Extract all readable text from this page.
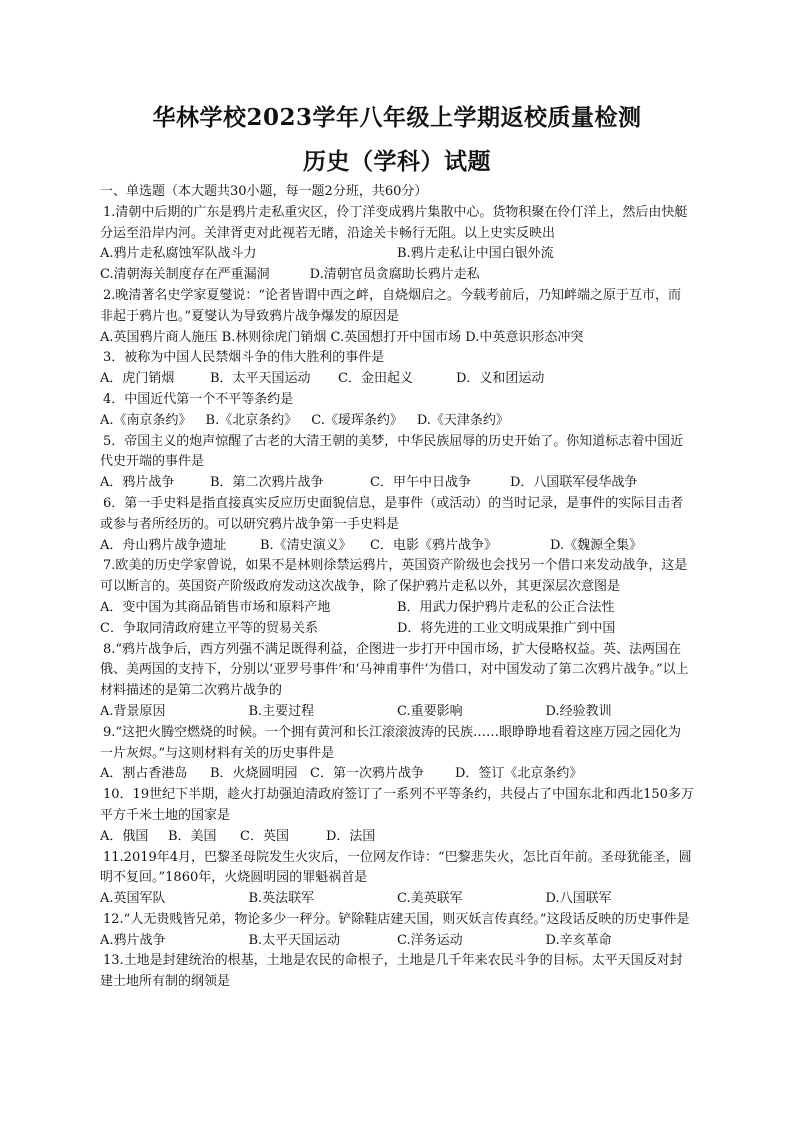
华林学校2023学年八年级上学期返校质量检测
历史（学科）试题

一、单选题（本大题共30小题，每一题2分班，共60分）

1.清朝中后期的广东是鸦片走私重灾区，伶丁洋变成鸦片集散中心。货物积聚在伶仃洋上，然后由快艇分运至沿岸内河。关津胥吏对此视若无睹，沿途关卡畅行无阻。以上史实反映出

A.鸦片走私腐蚀军队战斗力	B.鸦片走私让中国白银外流
C.清朝海关制度存在严重漏洞	D.清朝官员贪腐助长鸦片走私

2.晚清著名史学家夏燮说：“论者皆谓中西之衅，自烧烟启之。今载考前后，乃知衅端之原于互市，而非起于鸦片也。”夏燮认为导致鸦片战争爆发的原因是

A.英国鸦片商人施压 B.林则徐虎门销烟 C.英国想打开中国市场 D.中英意识形态冲突

3．被称为中国人民禁烟斗争的伟大胜利的事件是

A．虎门销烟	B．太平天国运动 C．金田起义	D．义和团运动

4．中国近代第一个不平等条约是

A.《南京条约》 B.《北京条约》 C.《瑷珲条约》 D.《天津条约》

5．帝国主义的炮声惊醒了古老的大清王朝的美梦，中华民族屈辱的历史开始了。你知道标志着中国近代史开端的事件是

A．鸦片战争	B．第二次鸦片战争	C．甲午中日战争	D．八国联军侵华战争

6．第一手史料是指直接真实反应历史面貌信息，是事件（或活动）的当时记录，是事件的实际目击者或参与者所经历的。可以研究鸦片战争第一手史料是

A．舟山鸦片战争遗址	B.《清史演义》 C．电影《鸦片战争》	D.《魏源全集》

7.欧美的历史学家曾说，如果不是林则徐禁运鸦片，英国资产阶级也会找另一个借口来发动战争，这是可以断言的。英国资产阶级政府发动这次战争，除了保护鸦片走私以外，其更深层次意图是

A．变中国为其商品销售市场和原料产地	B．用武力保护鸦片走私的公正合法性
C．争取同清政府建立平等的贸易关系	D．将先进的工业文明成果推广到中国

8.“鸦片战争后，西方列强不满足既得利益，企图进一步打开中国市场，扩大侵略权益。英、法两国在俄、美两国的支持下，分别以‘亚罗号事件’和‘马神甫事件’为借口，对中国发动了第二次鸦片战争。”以上材料描述的是第二次鸦片战争的

A.背景原因	B.主要过程	C.重要影响	D.经验教训

9.“这把火腾空燃烧的时候。一个拥有黄河和长江滚滚波涛的民族……眼睁睁地看着这座万园之园化为一片灰烬。”与这则材料有关的历史事件是

A．割占香港岛 B．火烧圆明园 C．第一次鸦片战争 D．签订《北京条约》

10．19世纪下半期，趁火打劫强迫清政府签订了一系列不平等条约，共侵占了中国东北和西北150多万平方千米土地的国家是

A．俄国 B．美国 C．英国	D．法国

11.2019年4月，巴黎圣母院发生火灾后，一位网友作诗：“巴黎悲失火，怎比百年前。圣母犹能圣，圆明不复回。”1860年，火烧圆明园的罪魁祸首是

A.英国军队	B.英法联军	C.美英联军	D.八国联军

12.“人无贵贱皆兄弟，物论多少一秤分。铲除鞋店建天国，则灭妖言传真经。”这段话反映的历史事件是

A.鸦片战争	B.太平天国运动	C.洋务运动	D.辛亥革命

13.土地是封建统治的根基，土地是农民的命根子，土地是几千年来农民斗争的目标。太平天国反对封建土地所有制的纲领是
